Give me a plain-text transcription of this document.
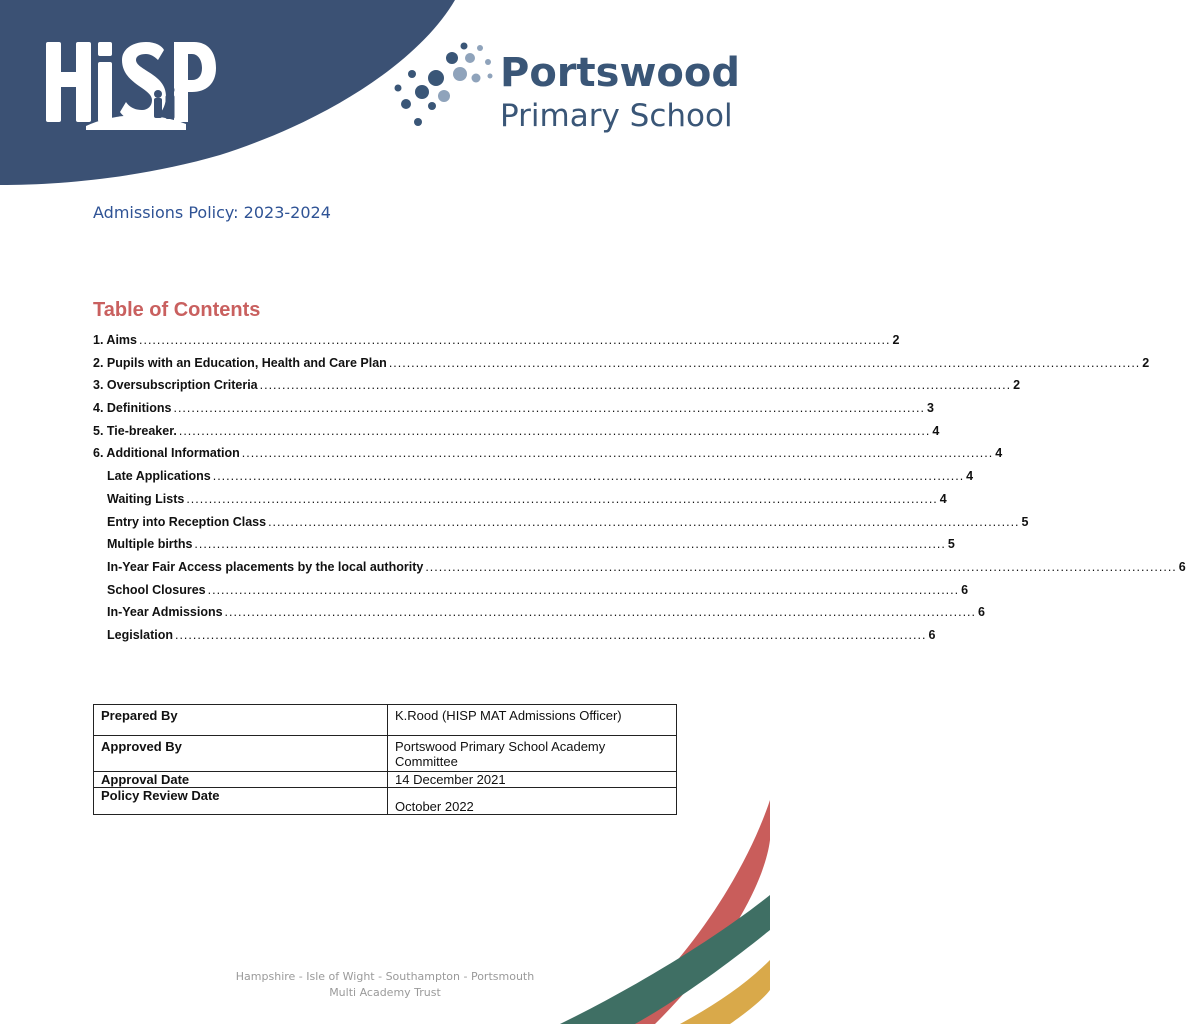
Portswood
Primary School
Admissions Policy: 2023-2024
Table of Contents
1. Aims ........................................................................................................................................................................ 2
2. Pupils with an Education, Health and Care Plan ........................................................................................................................................................................ 2
3. Oversubscription Criteria ........................................................................................................................................................................ 2
4. Definitions ........................................................................................................................................................................ 3
5. Tie-breaker. ........................................................................................................................................................................ 4
6. Additional Information ........................................................................................................................................................................ 4
Late Applications ........................................................................................................................................................................ 4
Waiting Lists ........................................................................................................................................................................ 4
Entry into Reception Class ........................................................................................................................................................................ 5
Multiple births ........................................................................................................................................................................ 5
In-Year Fair Access placements by the local authority ........................................................................................................................................................................ 6
School Closures ........................................................................................................................................................................ 6
In-Year Admissions ........................................................................................................................................................................ 6
Legislation ........................................................................................................................................................................ 6
Prepared By	K.Rood (HISP MAT Admissions Officer)
Approved By	Portswood Primary School Academy
Committee

Approval Date	14 December 2021
Policy Review Date	October 2022
Hampshire - Isle of Wight - Southampton - Portsmouth
Multi Academy Trust
